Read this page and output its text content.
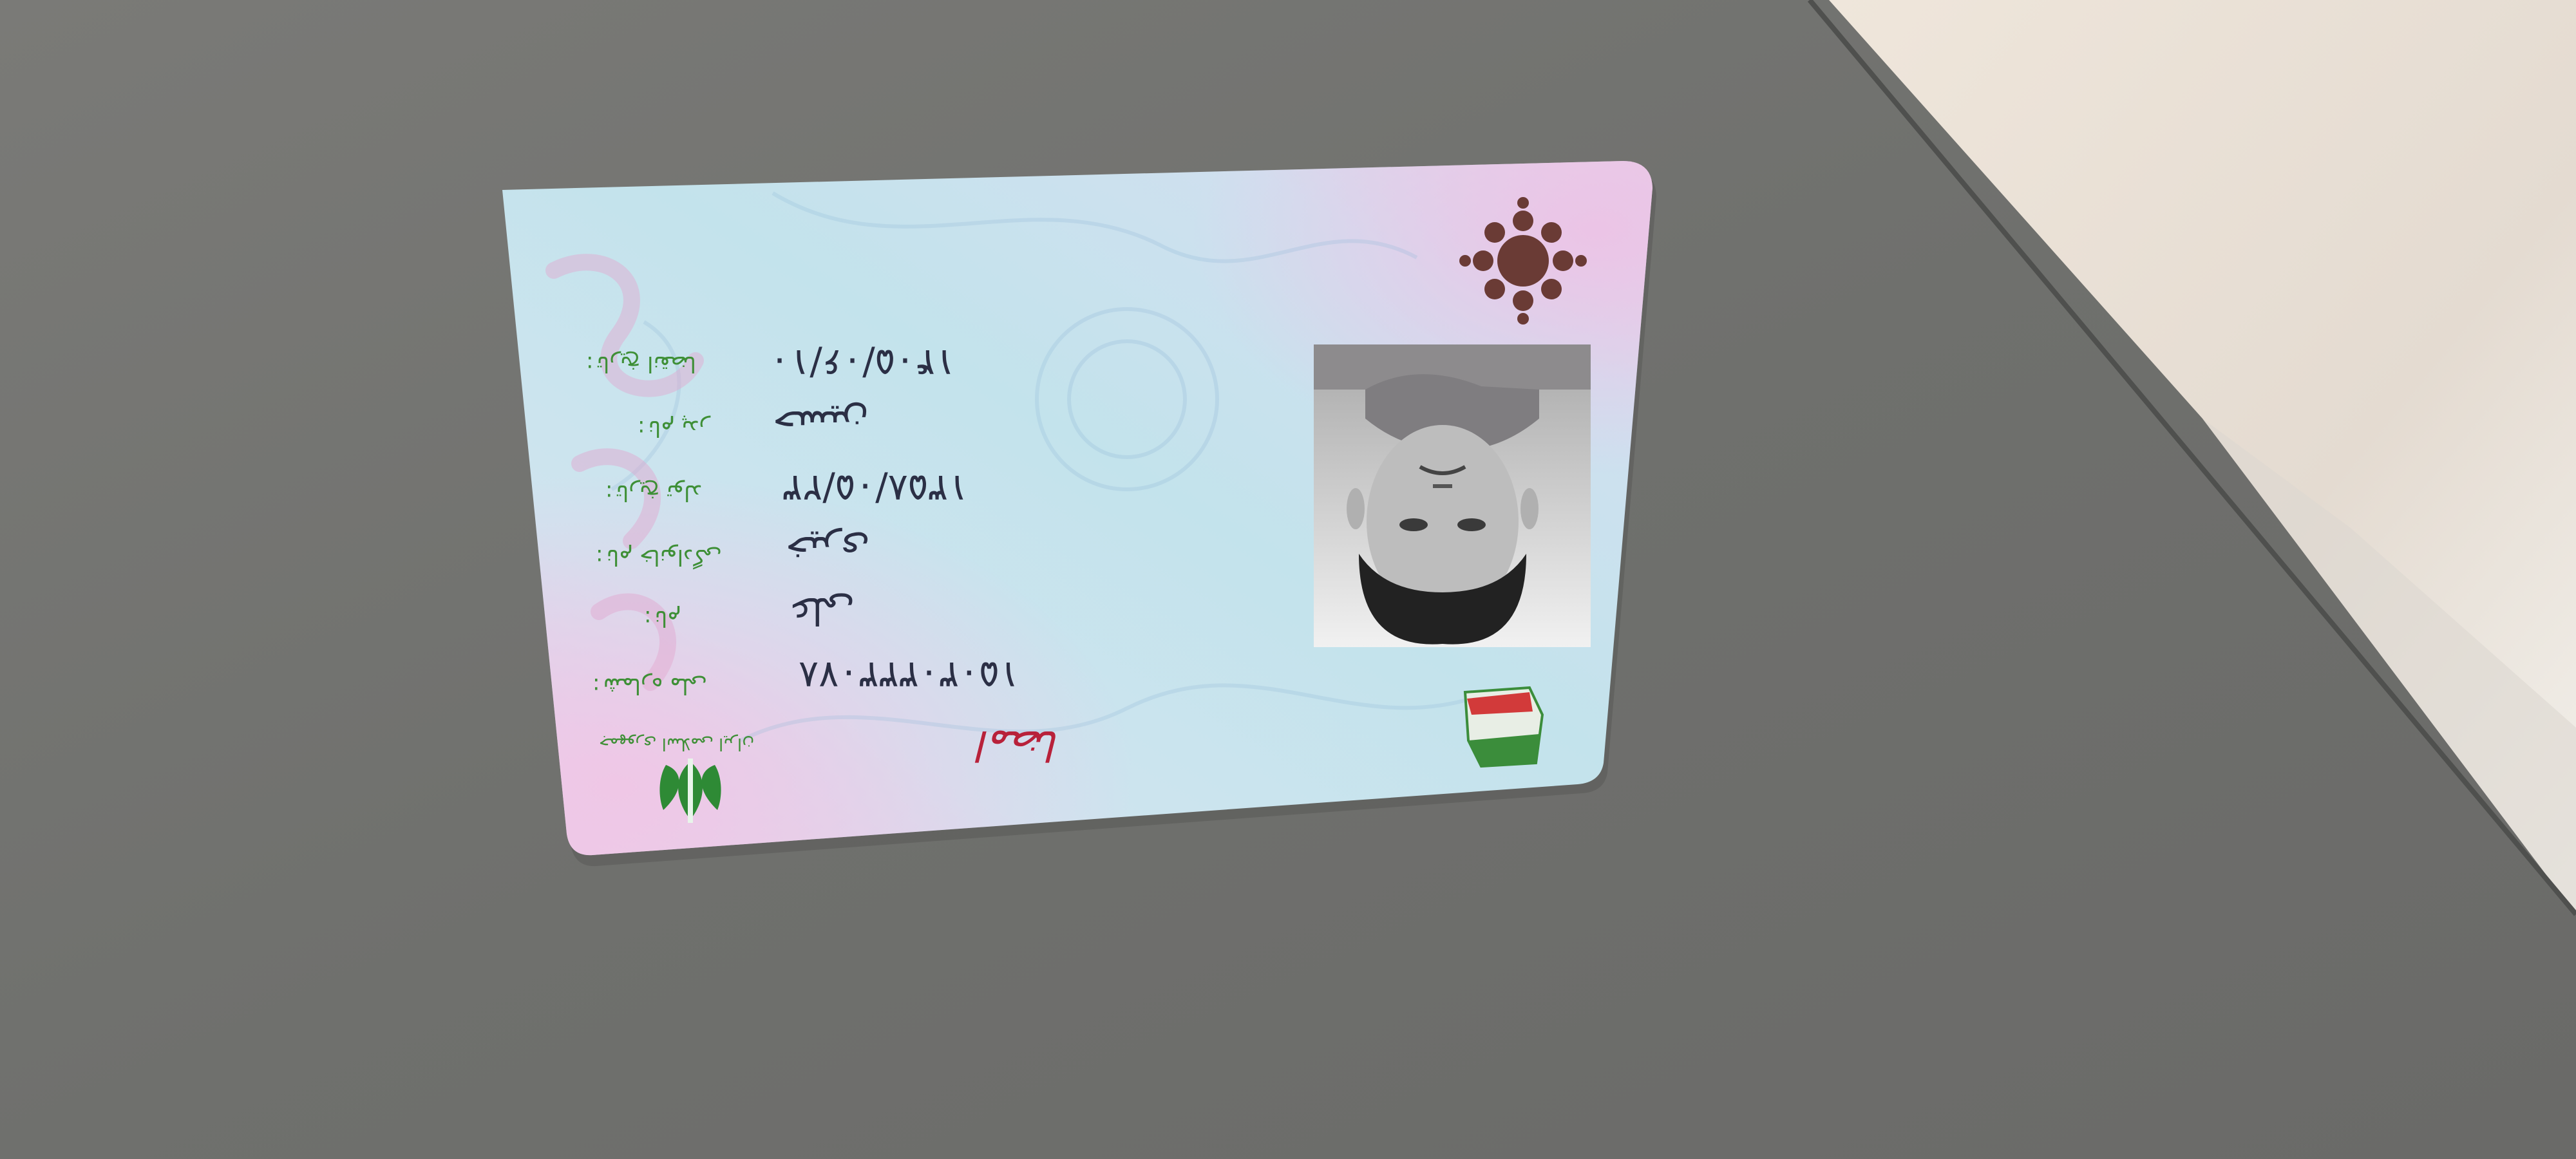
۱۴۰۵/۰۶/۱۰
تاریخ انقضا :
حسین
نام پدر :
۱۳۵۸/۰۵/۲۳
تاریخ تولد :
خیری
نام خانوادگی :
علی
نام :
۱۵۰۳۰۳۳۳۰۷۸
شماره ملی :
جمهوری اسلامی ایران	امضا
